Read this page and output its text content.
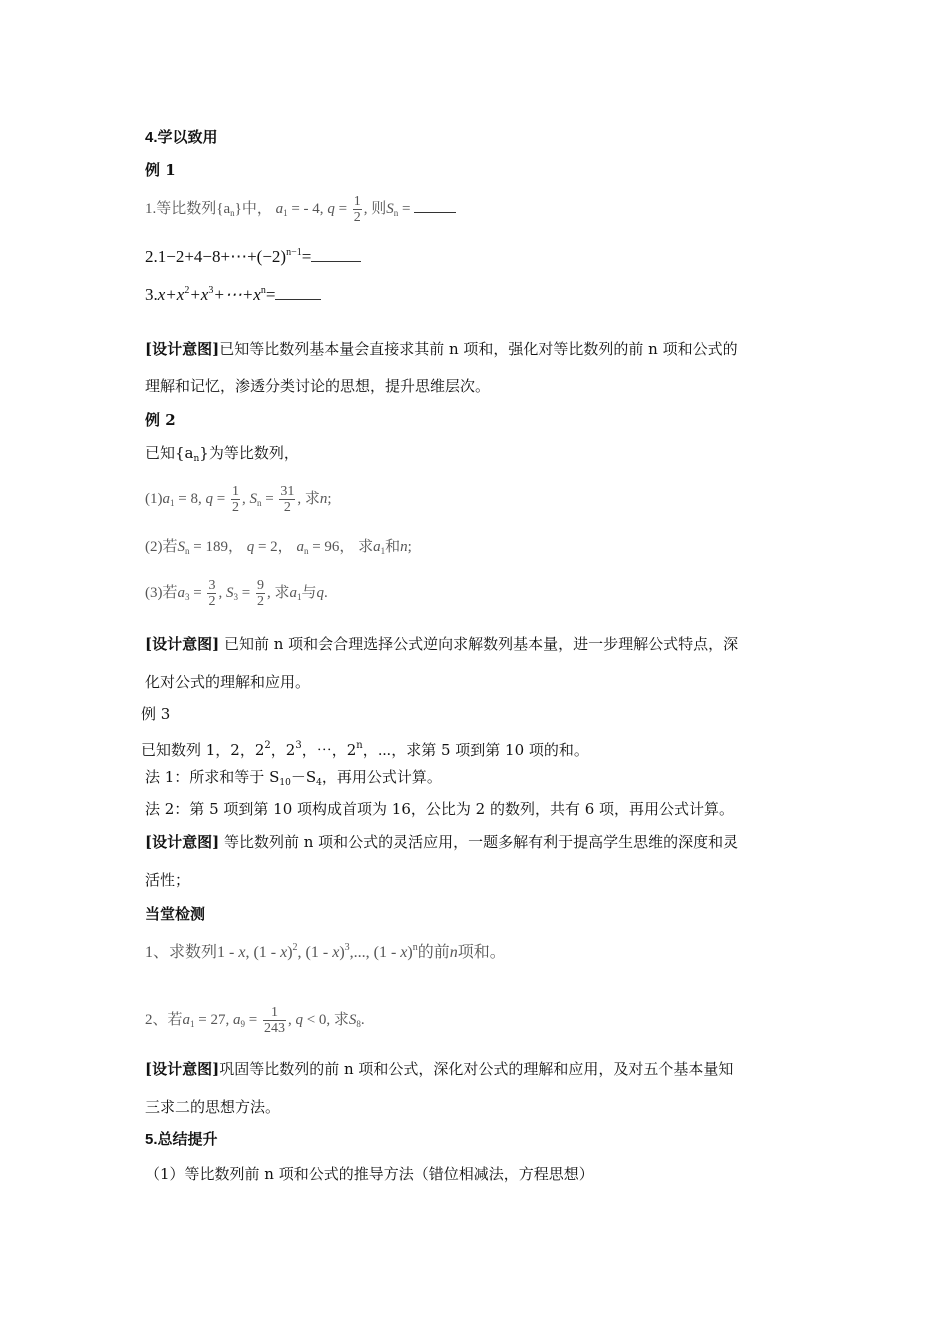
4.学以致用
例 1
1.等比数列$\{a_n\}$中， $a_1$ = - 4, $q = \frac{1}{2}$ , 则$S_n$ =
$2.1-2+4-8+\cdots+(-2)^{n-1}=$
$3.x+x^2+x^3+\cdots+x^n=$
[设计意图]已知等比数列基本量会直接求其前 n 项和，强化对等比数列的前 n 项和公式的
理解和记忆，渗透分类讨论的思想，提升思维层次。
例 2
已知$\{a_n\}$为等比数列，
$(1)a_1 = 8$, $q = \frac{1}{2}$ , $S_n = \frac{31}{2}$ , 求n;
(2)若$S_n = 189$， q = 2， $a_n = 96$， 求$a_1$和n;
(3)若$a_3 = \frac{3}{2}$ , $S_3 = \frac{9}{2}$ , 求$a_1$与q.
[设计意图] 已知前 n 项和会合理选择公式逆向求解数列基本量，进一步理解公式特点，深
化对公式的理解和应用。
例 3
已知数列 1，2，$2^2$，$2^3$，⋯，2$^n$，⋯，求第 5 项到第 10 项的和。
法 1：所求和等于 $S_{10}-S_4$，再用公式计算。
法 2：第 5 项到第 10 项构成首项为 16，公比为 2 的数列，共有 6 项，再用公式计算。
[设计意图] 等比数列前 n 项和公式的灵活应用，一题多解有利于提高学生思维的深度和灵
活性；
当堂检测
1、求数列1 - x, (1 - x)$^2$, (1 - x)$^3$,..., (1 - x)$^n$的前n项和。
2、若$a_1 = 27$, $a_9 = \frac{1}{243}$ , q < 0, 求$S_8$.
[设计意图]巩固等比数列的前 n 项和公式，深化对公式的理解和应用，及对五个基本量知
三求二的思想方法。
5.总结提升
（1）等比数列前 n 项和公式的推导方法（错位相减法，方程思想）
